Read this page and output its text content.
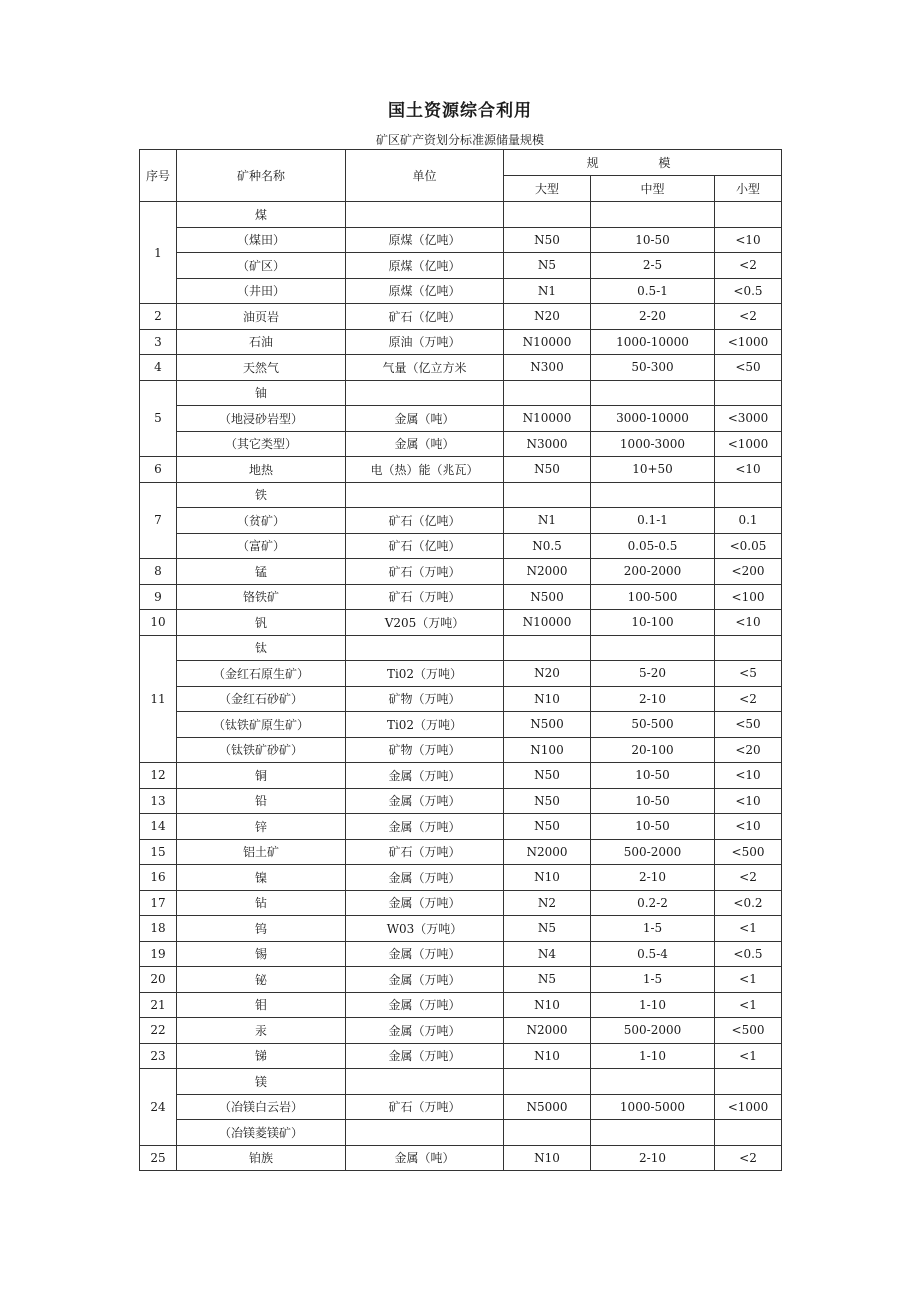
国土资源综合利用
矿区矿产资划分标准源储量规模
序号	矿种名称	单位	规 模		
			大型	中型	小型
1	煤				
	（煤田）	原煤（亿吨）	N50	10-50	<10
	（矿区）	原煤（亿吨）	N5	2-5	<2
	（井田）	原煤（亿吨）	N1	0.5-1	<0.5
2	油页岩	矿石（亿吨）	N20	2-20	<2
3	石油	原油（万吨）	N10000	1000-10000	<1000
4	天然气	气量（亿立方米	N300	50-300	<50
5	铀				
	（地浸砂岩型）	金属（吨）	N10000	3000-10000	<3000
	（其它类型）	金属（吨）	N3000	1000-3000	<1000
6	地热	电（热）能（兆瓦）	N50	10+50	<10
7	铁				
	（贫矿）	矿石（亿吨）	N1	0.1-1	0.1
	（富矿）	矿石（亿吨）	N0.5	0.05-0.5	<0.05
8	锰	矿石（万吨）	N2000	200-2000	<200
9	铬铁矿	矿石（万吨）	N500	100-500	<100
10	钒	V205（万吨）	N10000	10-100	<10
11	钛				
	（金红石原生矿）	Ti02（万吨）	N20	5-20	<5
	（金红石砂矿）	矿物（万吨）	N10	2-10	<2
	（钛铁矿原生矿）	Ti02（万吨）	N500	50-500	<50
	（钛铁矿砂矿）	矿物（万吨）	N100	20-100	<20
12	铜	金属（万吨）	N50	10-50	<10
13	铅	金属（万吨）	N50	10-50	<10
14	锌	金属（万吨）	N50	10-50	<10
15	铝土矿	矿石（万吨）	N2000	500-2000	<500
16	镍	金属（万吨）	N10	2-10	<2
17	钻	金属（万吨）	N2	0.2-2	<0.2
18	钨	W03（万吨）	N5	1-5	<1
19	锡	金属（万吨）	N4	0.5-4	<0.5
20	铋	金属（万吨）	N5	1-5	<1
21	钼	金属（万吨）	N10	1-10	<1
22	汞	金属（万吨）	N2000	500-2000	<500
23	锑	金属（万吨）	N10	1-10	<1
24	镁				
	（冶镁白云岩）	矿石（万吨）	N5000	1000-5000	<1000
	（冶镁菱镁矿）				
25	铂族	金属（吨）	N10	2-10	<2
